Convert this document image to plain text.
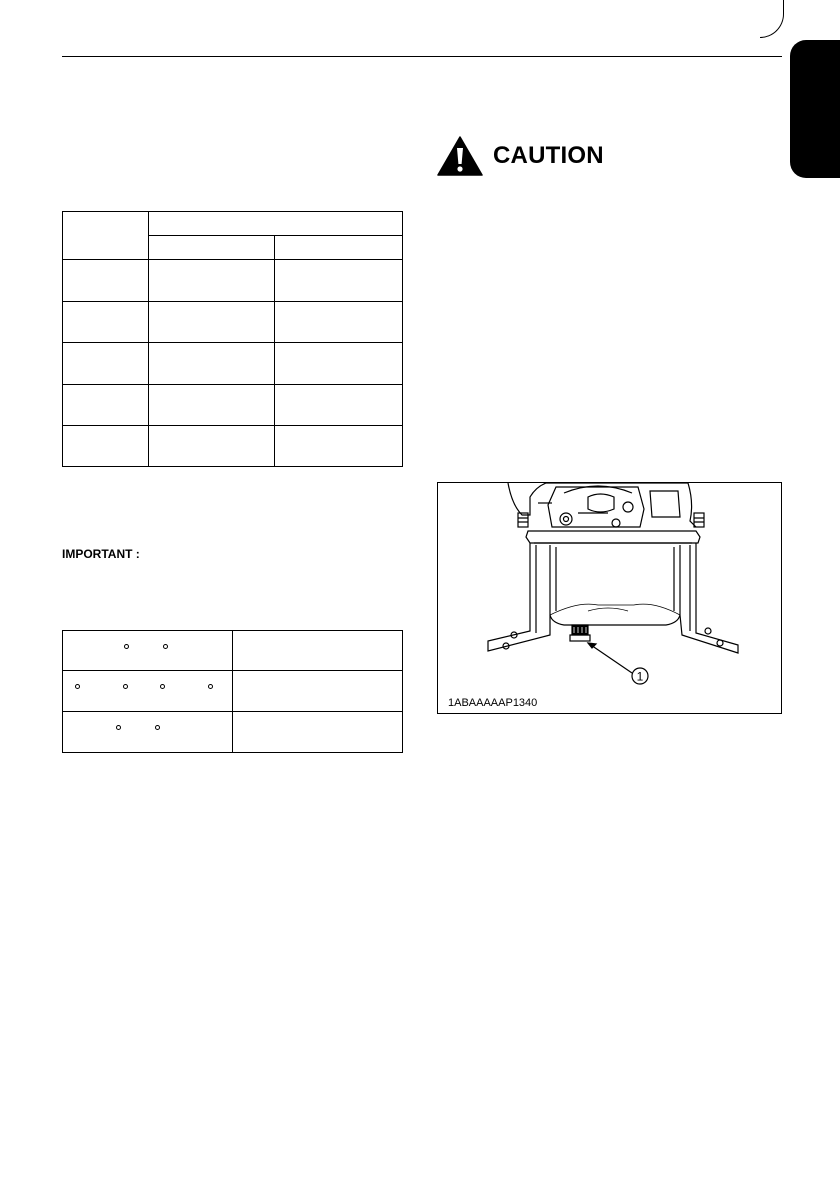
IMPORTANT :

CAUTION
1
1ABAAAAAP1340
